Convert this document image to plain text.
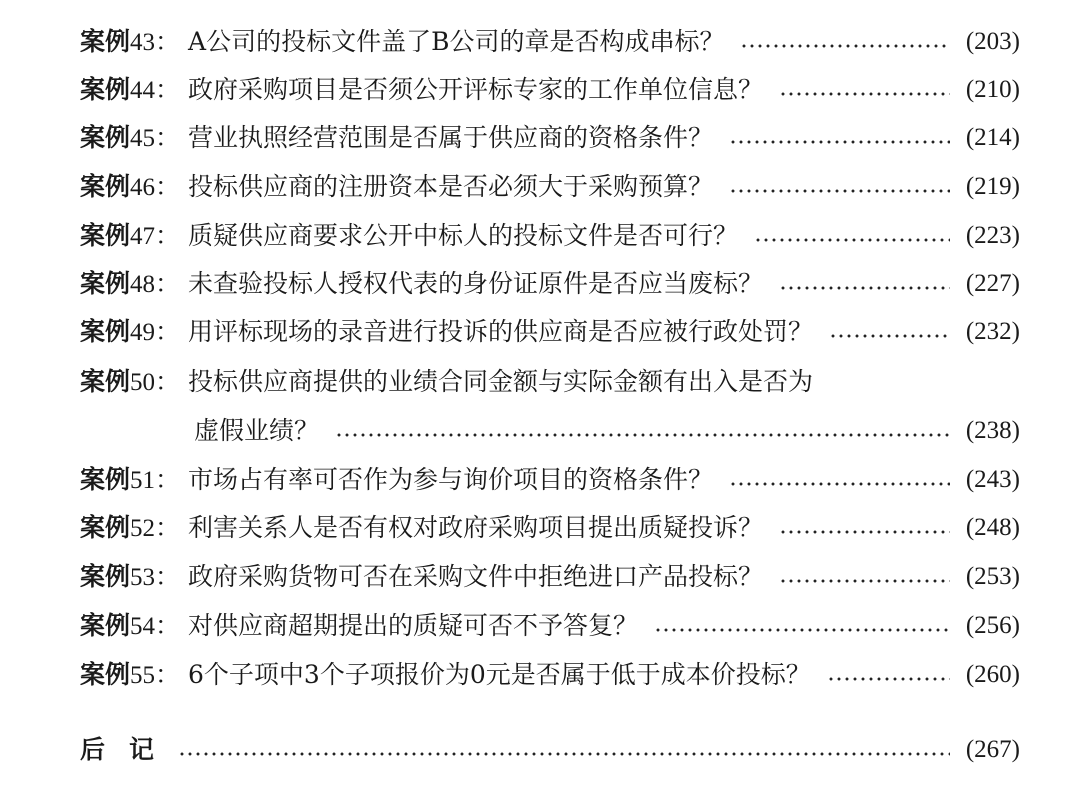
案例43： A公司的投标文件盖了B公司的章是否构成串标？	(203)
案例44： 政府采购项目是否须公开评标专家的工作单位信息？	(210)
案例45： 营业执照经营范围是否属于供应商的资格条件？	(214)
案例46： 投标供应商的注册资本是否必须大于采购预算？	(219)
案例47： 质疑供应商要求公开中标人的投标文件是否可行？	(223)
案例48： 未查验投标人授权代表的身份证原件是否应当废标？	(227)
案例49： 用评标现场的录音进行投诉的供应商是否应被行政处罚？	(232)
案例50： 投标供应商提供的业绩合同金额与实际金额有出入是否为
虚假业绩？	(238)
案例51： 市场占有率可否作为参与询价项目的资格条件？	(243)
案例52： 利害关系人是否有权对政府采购项目提出质疑投诉？	(248)
案例53： 政府采购货物可否在采购文件中拒绝进口产品投标？	(253)
案例54： 对供应商超期提出的质疑可否不予答复？	(256)
案例55： 6个子项中3个子项报价为0元是否属于低于成本价投标？	(260)
后记	(267)
